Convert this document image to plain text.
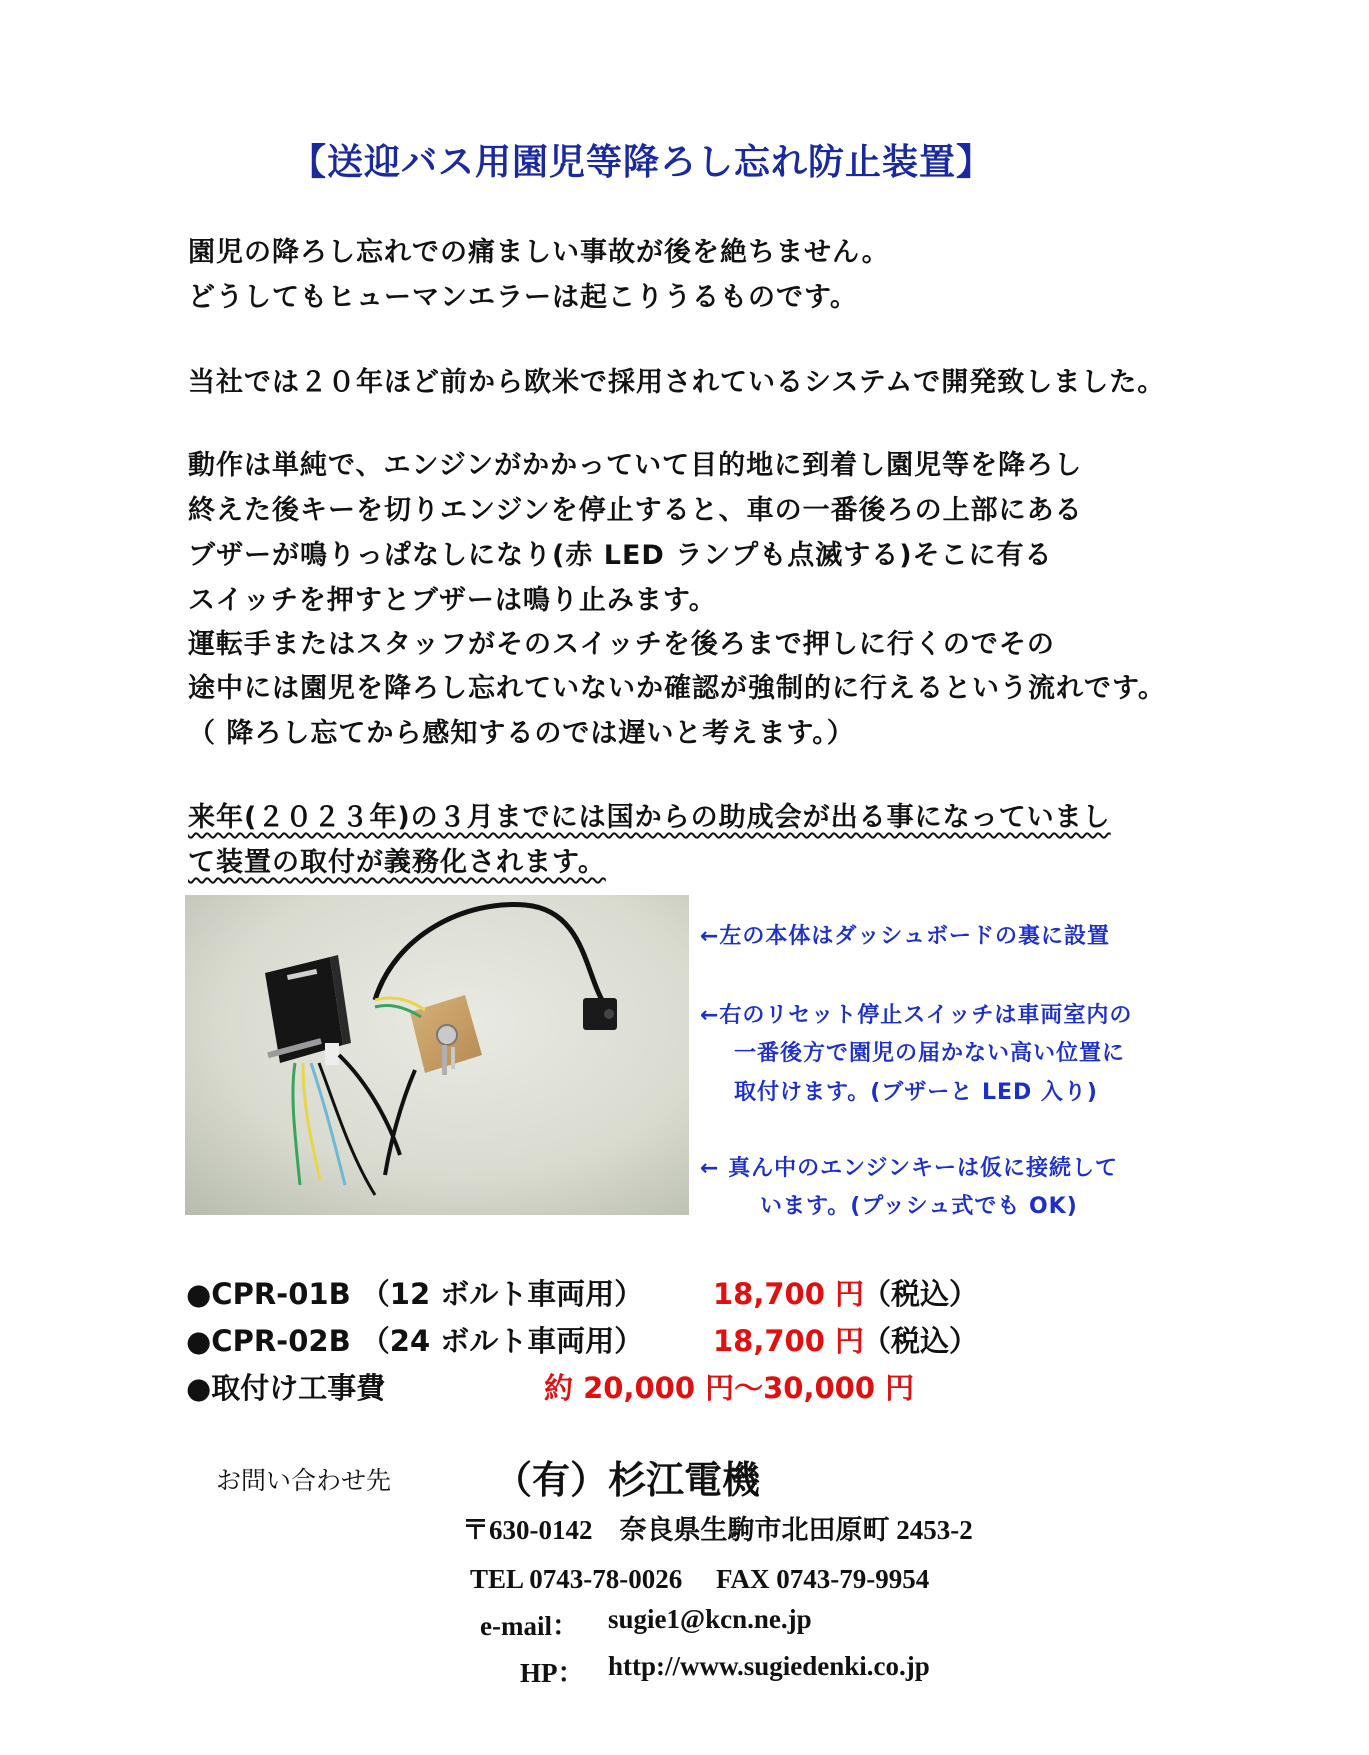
【送迎バス用園児等降ろし忘れ防止装置】
園児の降ろし忘れでの痛ましい事故が後を絶ちません。
どうしてもヒューマンエラーは起こりうるものです。
当社では２０年ほど前から欧米で採用されているシステムで開発致しました。
動作は単純で、エンジンがかかっていて目的地に到着し園児等を降ろし
終えた後キーを切りエンジンを停止すると、車の一番後ろの上部にある
ブザーが鳴りっぱなしになり(赤 LED ランプも点滅する)そこに有る
スイッチを押すとブザーは鳴り止みます。
運転手またはスタッフがそのスイッチを後ろまで押しに行くのでその
途中には園児を降ろし忘れていないか確認が強制的に行えるという流れです。
（ 降ろし忘てから感知するのでは遅いと考えます。）
来年(２０２３年)の３月までには国からの助成会が出る事になっていまし
て装置の取付が義務化されます。
←左の本体はダッシュボードの裏に設置
←右のリセット停止スイッチは車両室内の
一番後方で園児の届かない高い位置に
取付けます。(ブザーと LED 入り)
← 真ん中のエンジンキーは仮に接続して
います。(プッシュ式でも OK)
●CPR-01B （12 ボルト車両用） 18,700 円
（税込）
●CPR-02B （24 ボルト車両用） 18,700 円
（税込）
●取付け工事費	約 20,000 円〜30,000 円
お問い合わせ先	（有）杉江電機
〒630-0142　奈良県生駒市北田原町 2453-2
TEL 0743-78-0026　 FAX 0743-79-9954
e-mail： sugie1@kcn.ne.jp
HP： http://www.sugiedenki.co.jp
